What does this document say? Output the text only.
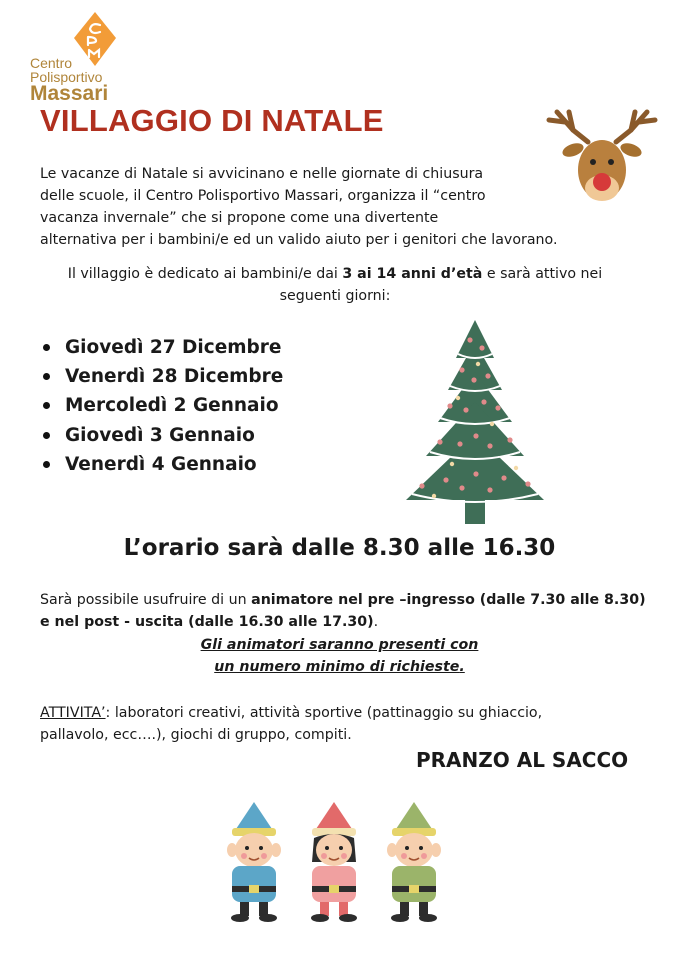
Centro
Polisportivo
Massari
VILLAGGIO DI NATALE
Le vacanze di Natale si avvicinano e nelle giornate di chiusura
delle scuole, il Centro Polisportivo Massari, organizza il “centro
vacanza invernale” che si propone come una divertente
alternativa per i bambini/e ed un valido aiuto per i genitori che lavorano.
Il villaggio è dedicato ai bambini/e dai 3 ai 14 anni d’età e sarà attivo nei
seguenti giorni:
Giovedì 27 Dicembre
Venerdì 28 Dicembre
Mercoledì 2 Gennaio
Giovedì 3 Gennaio
Venerdì 4 Gennaio
L’orario sarà dalle 8.30 alle 16.30
Sarà possibile usufruire di un animatore nel pre –ingresso (dalle 7.30 alle 8.30)
e nel post - uscita (dalle 16.30 alle 17.30).
Gli animatori saranno presenti con
un numero minimo di richieste.
ATTIVITA’: laboratori creativi, attività sportive (pattinaggio su ghiaccio,
pallavolo, ecc….), giochi di gruppo, compiti.
PRANZO AL SACCO
